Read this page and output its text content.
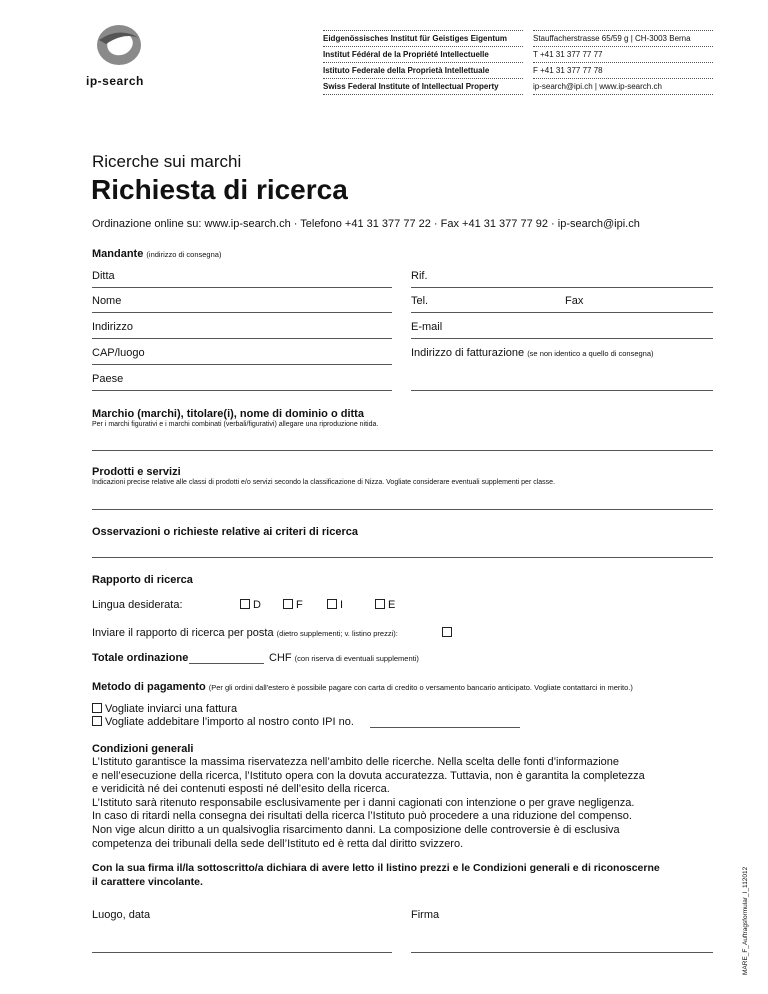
ip-search
Eidgenössisches Institut für Geistiges Eigentum	Stauffacherstrasse 65/59 g | CH-3003 Berna
Institut Fédéral de la Propriété Intellectuelle	T +41 31 377 77 77
Istituto Federale della Proprietà Intellettuale	F +41 31 377 77 78
Swiss Federal Institute of Intellectual Property	ip-search@ipi.ch | www.ip-search.ch
Ricerche sui marchi
Richiesta di ricerca
Ordinazione online su: www.ip-search.ch · Telefono +41 31 377 77 22 · Fax +41 31 377 77 92 · ip-search@ipi.ch
Mandante (indirizzo di consegna)
Ditta	Rif.
Nome	Tel.	Fax
Indirizzo	E-mail
CAP/luogo	Indirizzo di fatturazione (se non identico a quello di consegna)
Paese
Marchio (marchi), titolare(i), nome di dominio o ditta
Per i marchi figurativi e i marchi combinati (verbali/figurativi) allegare una riproduzione nitida.
Prodotti e servizi
Indicazioni precise relative alle classi di prodotti e/o servizi secondo la classificazione di Nizza. Vogliate considerare eventuali supplementi per classe.
Osservazioni o richieste relative ai criteri di ricerca
Rapporto di ricerca
Lingua desiderata:	D	F	I	E
Inviare il rapporto di ricerca per posta (dietro supplementi; v. listino prezzi):
Totale ordinazione	CHF (con riserva di eventuali supplementi)
Metodo di pagamento (Per gli ordini dall'estero è possibile pagare con carta di credito o versamento bancario anticipato. Vogliate contattarci in merito.)
Vogliate inviarci una fattura
Vogliate addebitare l’importo al nostro conto IPI no.
Condizioni generali
L’Istituto garantisce la massima riservatezza nell’ambito delle ricerche. Nella scelta delle fonti d’informazione
e nell’esecuzione della ricerca, l’Istituto opera con la dovuta accuratezza. Tuttavia, non è garantita la completezza
e veridicità né dei contenuti esposti né dell’esito della ricerca.
L’Istituto sarà ritenuto responsabile esclusivamente per i danni cagionati con intenzione o per grave negligenza.
In caso di ritardi nella consegna dei risultati della ricerca l’Istituto può procedere a una riduzione del compenso.
Non vige alcun diritto a un qualsivoglia risarcimento danni. La composizione delle controversie è di esclusiva
competenza dei tribunali della sede dell’Istituto ed è retta dal diritto svizzero.
Con la sua firma il/la sottoscritto/a dichiara di avere letto il listino prezzi e le Condizioni generali e di riconoscerne
il carattere vincolante.
Luogo, data	Firma	MARE_F_Auftragsformular_I_112012
